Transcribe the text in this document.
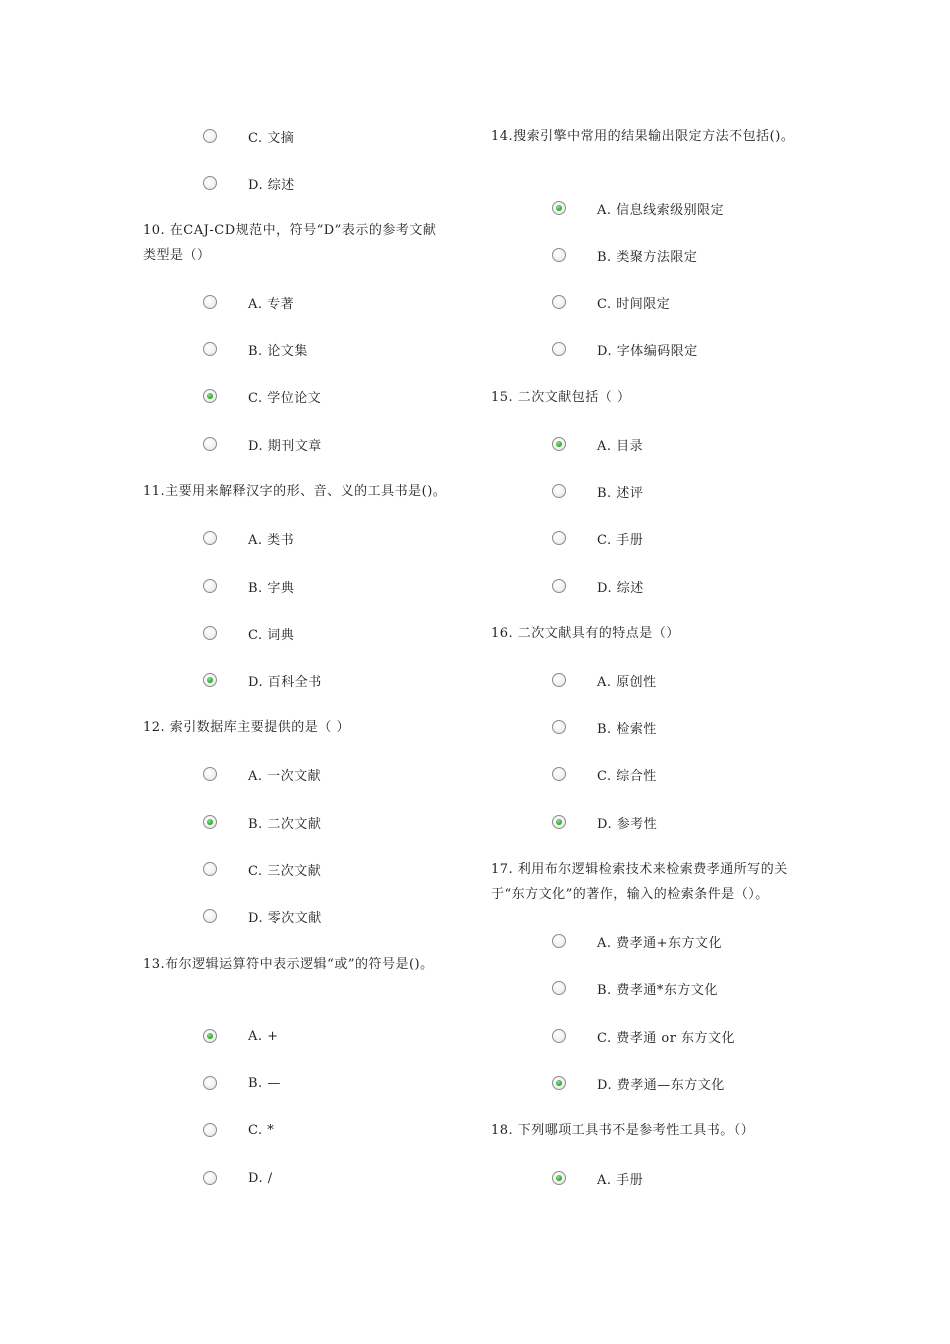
C. 文摘
D. 综述
10. 在CAJ-CD规范中，符号“D”表示的参考文献
类型是（）
A. 专著
B. 论文集
C. 学位论文
D. 期刊文章
11.主要用来解释汉字的形、音、义的工具书是()。
A. 类书
B. 字典
C. 词典
D. 百科全书
12. 索引数据库主要提供的是（ ）
A. 一次文献
B. 二次文献
C. 三次文献
D. 零次文献
13.布尔逻辑运算符中表示逻辑“或”的符号是()。
A. +
B. —
C. *
D. /
14.搜索引擎中常用的结果输出限定方法不包括()。
A. 信息线索级别限定
B. 类聚方法限定
C. 时间限定
D. 字体编码限定
15. 二次文献包括（ ）
A. 目录
B. 述评
C. 手册
D. 综述
16. 二次文献具有的特点是（）
A. 原创性
B. 检索性
C. 综合性
D. 参考性
17. 利用布尔逻辑检索技术来检索费孝通所写的关
于“东方文化”的著作，输入的检索条件是（）。
A. 费孝通+东方文化
B. 费孝通*东方文化
C. 费孝通 or 东方文化
D. 费孝通—东方文化
18. 下列哪项工具书不是参考性工具书。（）
A. 手册
